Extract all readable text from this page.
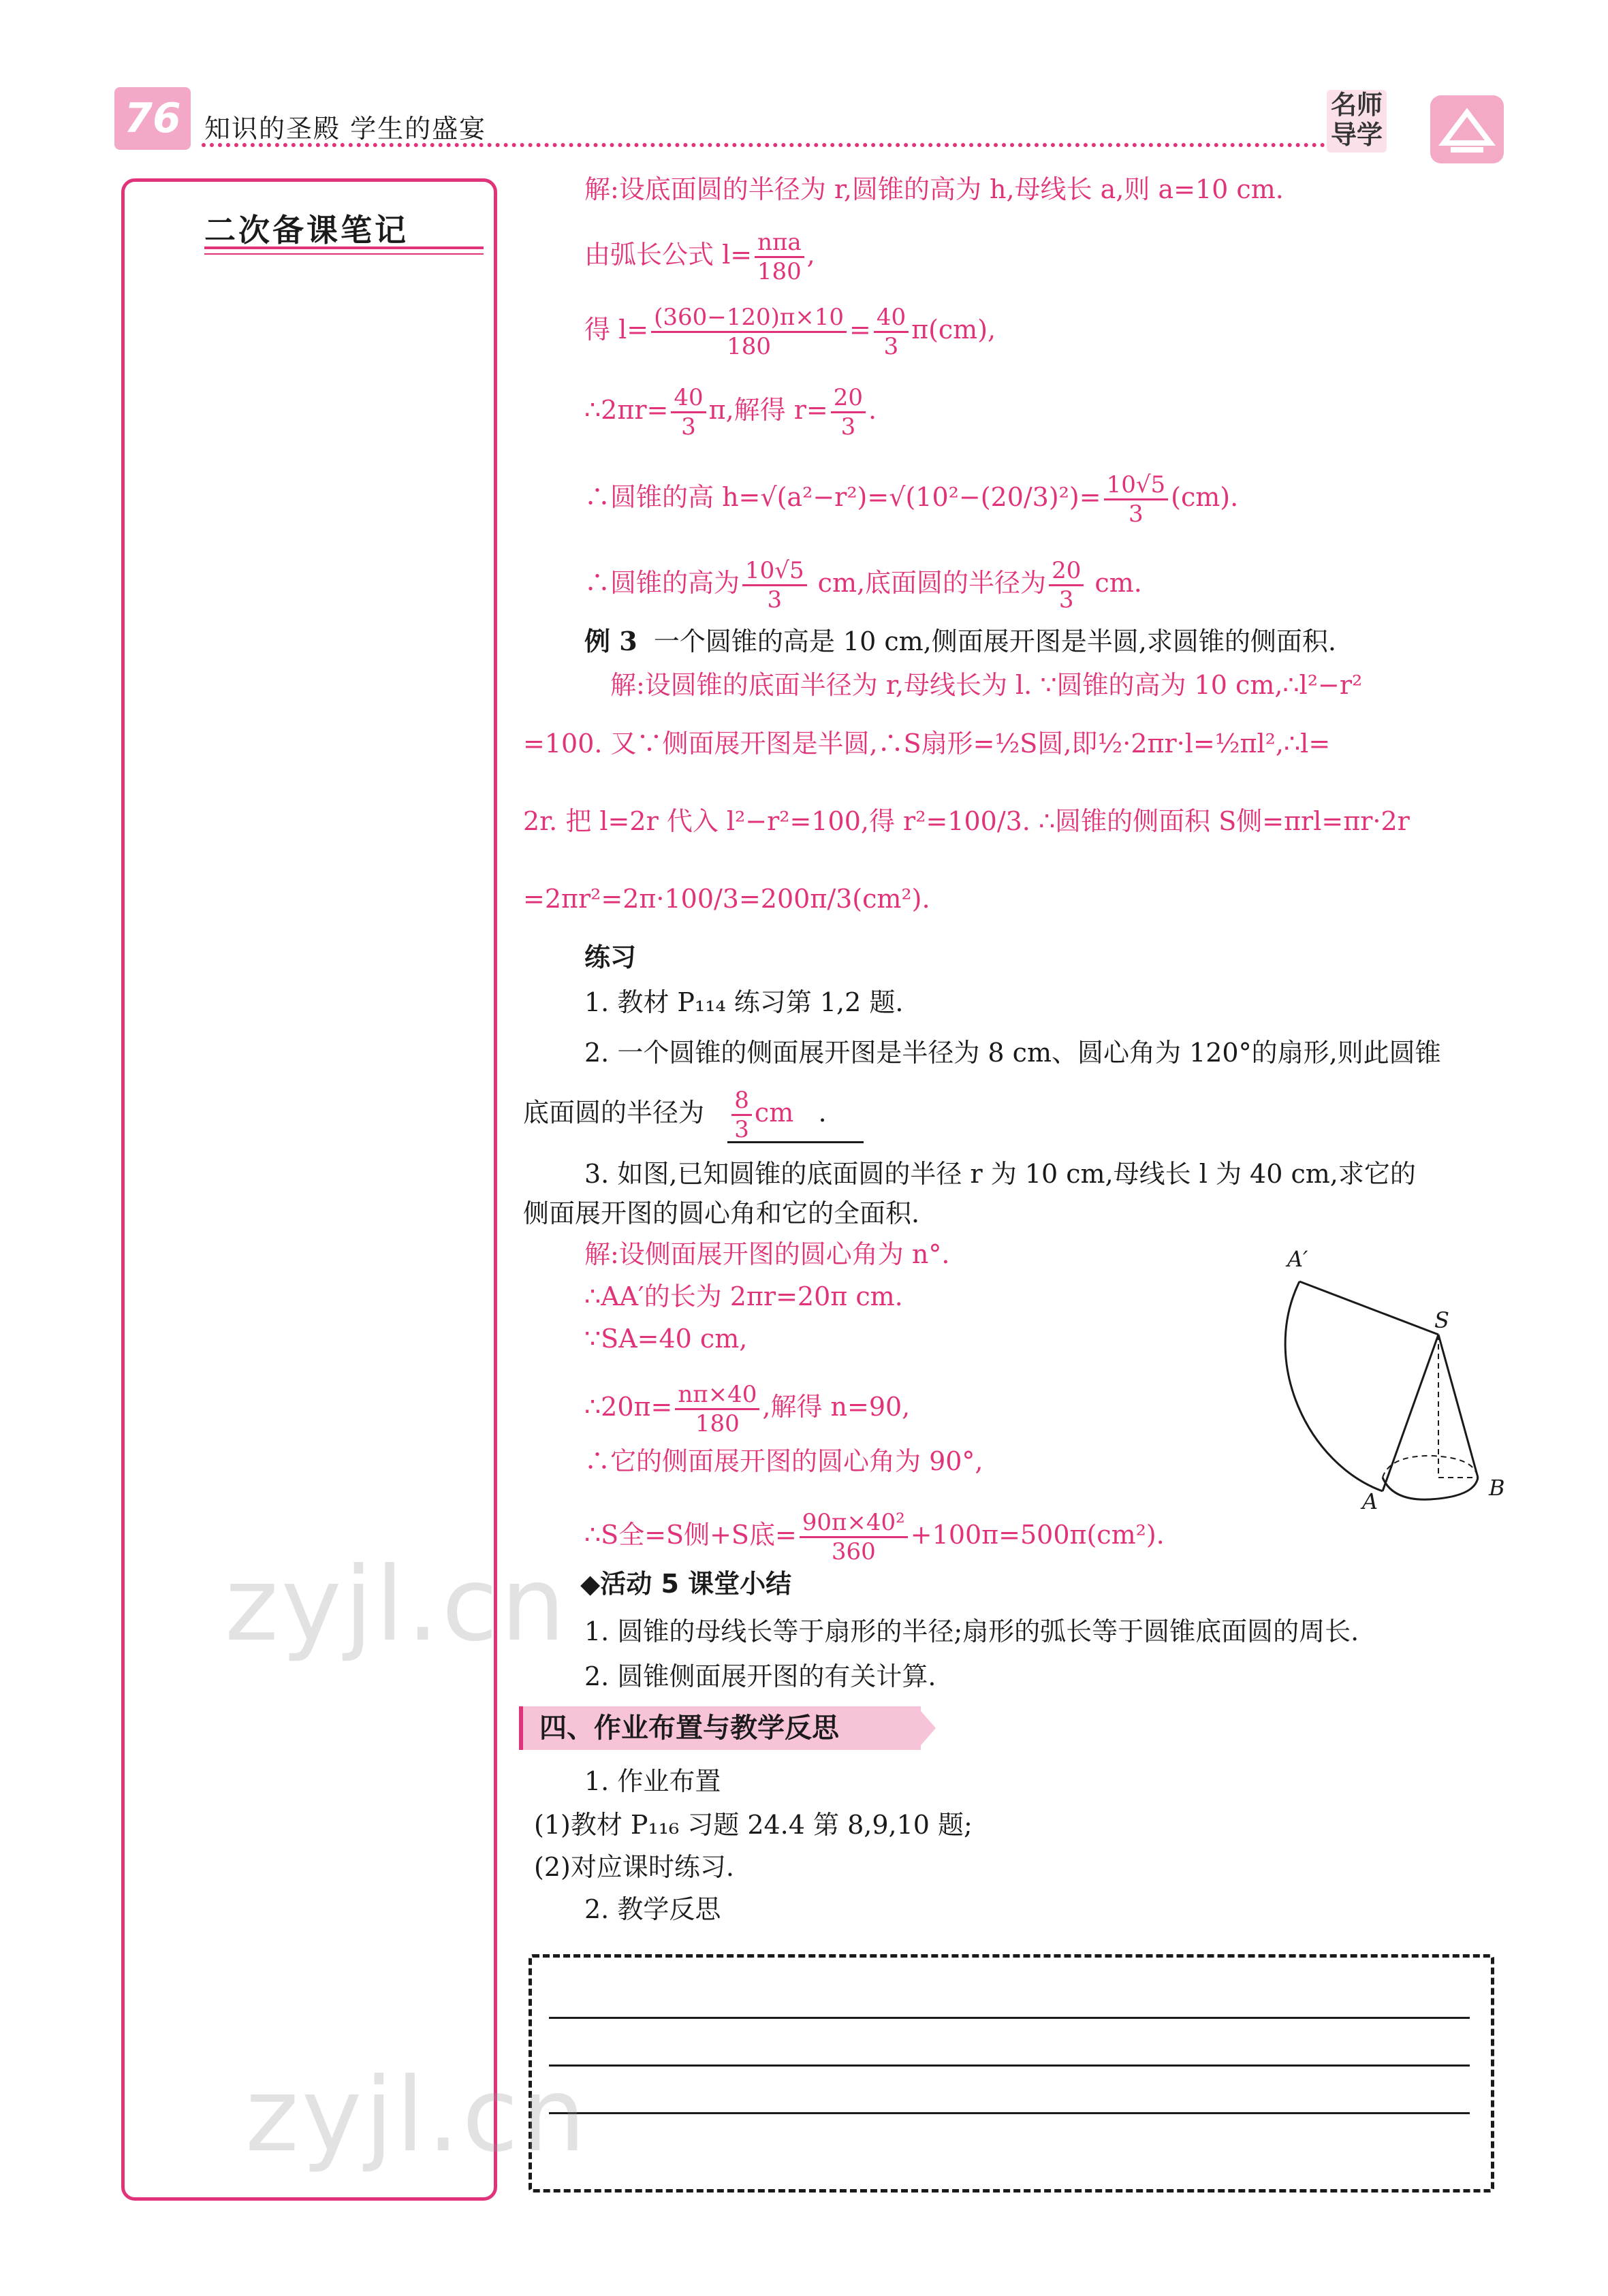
76 知识的圣殿 学生的盛宴
名师
导学
二次备课笔记
解:设底面圆的半径为 r,圆锥的高为 h,母线长 a,则 a=10 cm.
由弧长公式 $l= \frac{\text{nπa}}{180}$ ,
得 $l= \frac{(360-120)\pi\times 10}{180} = \frac{40}{3} \pi(cm)$,
∴2πr= $\frac{40}{3} \pi$,解得 $r= \frac{20}{3}$ .
∴圆锥的高 $h=√(a^2-r^2)=√(10^2-(20/3)^2)= \frac{10√5}{3} (cm)$.
∴圆锥的高为 $\frac{10√5}{3}$ cm,底面圆的半径为 $\frac{20}{3}$ cm.
例 3 一个圆锥的高是 10 cm,侧面展开图是半圆,求圆锥的侧面积.
解:设圆锥的底面半径为 r,母线长为 l. ∵圆锥的高为 10 cm,∴l²−r²
=100. 又∵侧面展开图是半圆,∴S扇形=½S圆,即½·2πr·l=½πl²,∴l=
2r. 把 l=2r 代入 l²−r²=100,得 r²=100/3. ∴圆锥的侧面积 S侧=πrl=πr·2r
=2πr²=2π·100/3=200π/3(cm²).
练习
1. 教材 P₁₁₄ 练习第 1,2 题.
2. 一个圆锥的侧面展开图是半径为 8 cm、圆心角为 120°的扇形,则此圆锥
底面圆的半径为 $\frac{8}{3}$ cm .
3. 如图,已知圆锥的底面圆的半径 r 为 10 cm,母线长 l 为 40 cm,求它的
侧面展开图的圆心角和它的全面积.
解:设侧面展开图的圆心角为 n°.
∴AA′的长为 2πr=20π cm.
∵SA=40 cm,
∴20π= $\frac{n\pi\times 40}{180}$ ,解得 n=90,
∴它的侧面展开图的圆心角为 90°,
∴S全=S侧+S底= $\frac{\text{90π×40²}}{360} +100\pi=500\pi(cm^2)$.
A′
S
A
B
◆活动 5 课堂小结
1. 圆锥的母线长等于扇形的半径;扇形的弧长等于圆锥底面圆的周长.
2. 圆锥侧面展开图的有关计算.
四、作业布置与教学反思
1. 作业布置
(1)教材 P₁₁₆ 习题 24.4 第 8,9,10 题;
(2)对应课时练习.
2. 教学反思
zyjl.cn
zyjl.cn
